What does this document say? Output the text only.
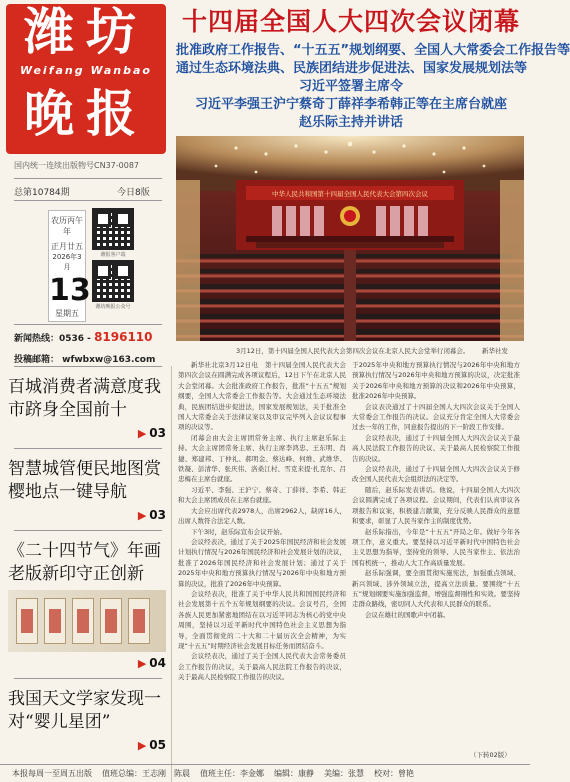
潍坊
Weifang Wanbao
晚报
国内统一连续出版物号CN37-0087
总第10784期	今日8版
农历丙午年
正月廿五
2026年3月
13
星期五
潍报客户端
潍坊晚报公众号
新闻热线：0536 - 8196110
投稿邮箱： wfwbxw@163.com
百城消费者满意度我市跻身全国前十
▶ 03
智慧城管便民地图赏樱地点一键导航
▶ 03
《二十四节气》年画老版新印守正创新
▶ 04
我国天文学家发现一对“婴儿星团”
▶ 05
十四届全国人大四次会议闭幕
批准政府工作报告、“十五五”规划纲要、全国人大常委会工作报告等
通过生态环境法典、民族团结进步促进法、国家发展规划法等
习近平签署主席令
习近平李强王沪宁蔡奇丁薛祥李希韩正等在主席台就座
赵乐际主持并讲话
中华人民共和国第十四届全国人民代表大会第四次会议
3月12日，第十四届全国人民代表大会第四次会议在北京人民大会堂举行闭幕会。	新华社发

新华社北京3月12日电　第十四届全国人民代表大会第四次会议在圆满完成各项议程后，12日下午在北京人民大会堂闭幕。大会批准政府工作报告，批准“十五五”规划纲要，全国人大常委会工作报告等。大会通过生态环境法典，民族团结进步促进法，国家发展规划法，关于批准全国人大常委会关于法律议案以及审议完毕列入会议议程事项的决议等。

闭幕会由大会主席团常务主席、执行主席赵乐际主持。大会主席团常务主席、执行主席李鸿忠、王东明、肖捷、郑建邦、丁仲礼、郝明金、蔡达峰、何维、武维华、铁凝、彭清华、张庆伟、洛桑江村、雪克来提·扎克尔、吕忠梅在主席台就座。

习近平、李强、王沪宁、蔡奇、丁薛祥、李希、韩正和大会主席团成员在主席台就座。

大会应出席代表2978人，出席2962人，缺席16人，出席人数符合法定人数。

下午3时，赵乐际宣布会议开始。

会议经表决，通过了关于2025年国民经济和社会发展计划执行情况与2026年国民经济和社会发展计划的决议，批准了2026年国民经济和社会发展计划；通过了关于2025年中央和地方预算执行情况与2026年中央和地方预算的决议，批准了2026年中央预算。

会议经表决，批准了关于中华人民共和国国民经济和社会发展第十五个五年规划纲要的决议。会议号召，全国各族人民更加紧密地团结在以习近平同志为核心的党中央周围，坚持以习近平新时代中国特色社会主义思想为指导，全面贯彻党的二十大和二十届历次全会精神，为实现“十五五”时期经济社会发展目标任务而团结奋斗。

会议经表决，通过了关于全国人民代表大会常务委员会工作报告的决议，关于最高人民法院工作报告的决议，关于最高人民检察院工作报告的决议。

于2025年中央和地方预算执行情况与2026年中央和地方预算执行情况与2026年中央和地方预算的决议，决定批准关于2026年中央和地方预算的决议和2026年中央预算，批准2026年中央预算。

会议表决通过了十四届全国人大四次会议关于全国人大常委会工作报告的决议。会议充分肯定全国人大常委会过去一年的工作，同意报告提出的下一阶段工作安排。

会议经表决，通过了十四届全国人大四次会议关于最高人民法院工作报告的决议、关于最高人民检察院工作报告的决议。

会议经表决，通过了十四届全国人大四次会议关于修改全国人民代表大会组织法的决定等。

随后，赵乐际发表讲话。他说，十四届全国人大四次会议圆满完成了各项议程。会议期间，代表们认真审议各项报告和议案，积极建言献策，充分反映人民群众的意愿和要求，彰显了人民当家作主的制度优势。

赵乐际指出，今年是“十五五”开局之年。做好今年各项工作，意义重大。要坚持以习近平新时代中国特色社会主义思想为指导，坚持党的领导、人民当家作主、依法治国有机统一，推动人大工作高质量发展。

赵乐际强调，要全面贯彻实施宪法，加强重点领域、新兴领域、涉外领域立法，提高立法质量。要围绕“十五五”规划纲要实施加强监督，增强监督刚性和实效。要坚持走群众路线，密切同人大代表和人民群众的联系。

会议在雄壮的国歌声中闭幕。

（下转02版）
本报每周一至周五出版 值班总编：王志刚　陈晨 值班主任：李金娜 编辑：康静 美编：张慧 校对：曾艳
